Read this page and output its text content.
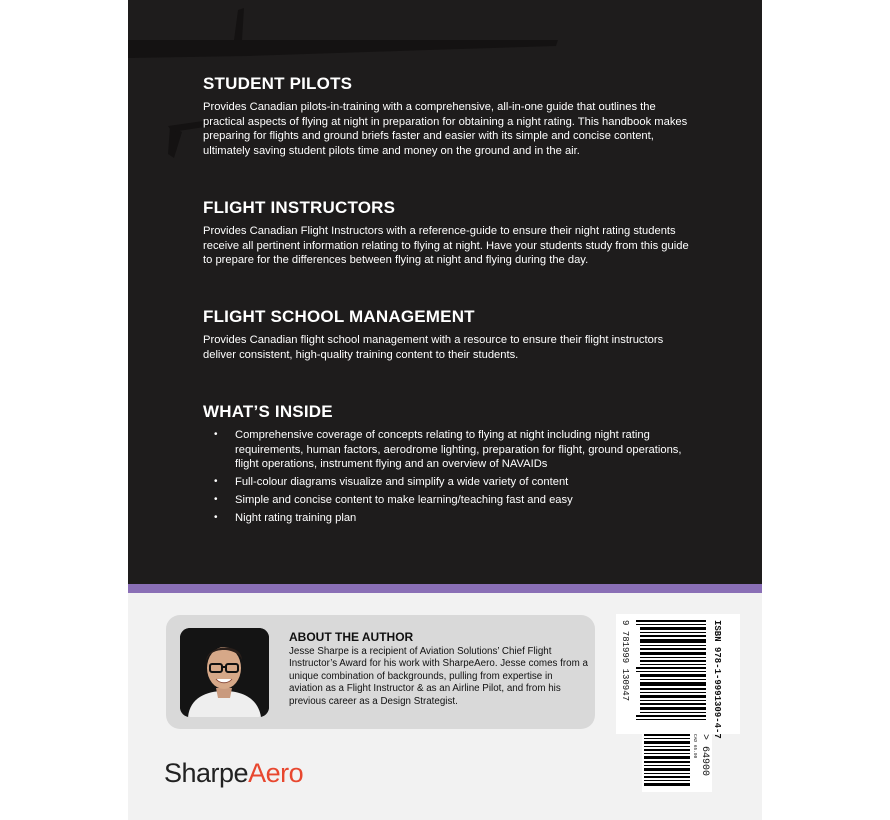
STUDENT PILOTS

Provides Canadian pilots-in-training with a comprehensive, all-in-one guide that outlines the practical aspects of flying at night in preparation for obtaining a night rating. This handbook makes preparing for flights and ground briefs faster and easier with its simple and concise content, ultimately saving student pilots time and money on the ground and in the air.

FLIGHT INSTRUCTORS

Provides Canadian Flight Instructors with a reference-guide to ensure their night rating students receive all pertinent information relating to flying at night. Have your students study from this guide to prepare for the differences between flying at night and flying during the day.

FLIGHT SCHOOL MANAGEMENT

Provides Canadian flight school management with a resource to ensure their flight instructors deliver consistent, high-quality training content to their students.

WHAT’S INSIDE
• Comprehensive coverage of concepts relating to flying at night including night rating requirements, human factors, aerodrome lighting, preparation for flight, ground operations, flight operations, instrument flying and an overview of NAVAIDs
• Full-colour diagrams visualize and simplify a wide variety of content
• Simple and concise content to make learning/teaching fast and easy
• Night rating training plan
ABOUT THE AUTHOR

Jesse Sharpe is a recipient of Aviation Solutions’ Chief Flight Instructor’s Award for his work with SharpeAero. Jesse comes from a unique combination of backgrounds, pulling from expertise in aviation as a Flight Instructor & as an Airline Pilot, and from his previous career as a Design Strategist.

SharpeAero
9 781999 130947	ISBN 978-1-9991309-4-7
CAD 65.00 > 64900
